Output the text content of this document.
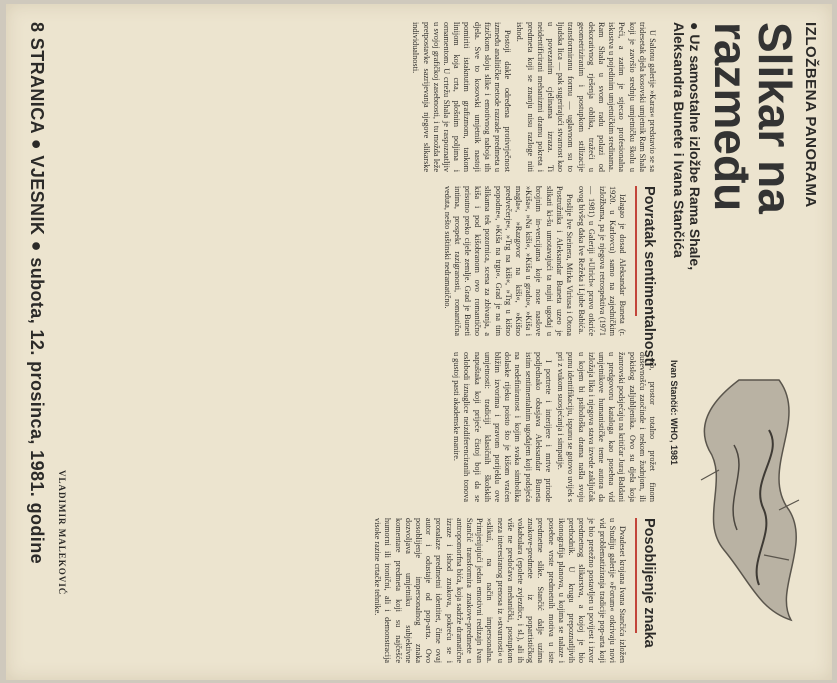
IZLOŽBENA PANORAMA
Slikar na razmeđu
● Uz samostalne izložbe Rama Shale, Aleksandra Bunete i Ivana Stančića
Ivan Stančić: WHO, 1981

U Salonu galerije »Karas« predstavio se sa tridesetak djela kosovski umjetnik Ram Shala koji je završio srednju umjetničku školu u Peći, a zatim je stjecao profesionalna iskustva u pojedinim umjetničkim sredinama. Ram Shala u svom radu polazi od dekorativnog rješenja oblika, tražeći u geometriziranim i postupkom stilizacije transformiranu formu — uglavnom su to ljudska lica — pak sugerirajući stvarnost kao u povezanim cjelinama izraza. Ti neidentificirani mehanizmi dramu pokreta i predmeta koji se znanju nisu razloge niti ishod.

Postoji dakle određena protivrječnost između analitičke metode razrade predmeta u fizičkom sloju slike i emotivnog naboja tih djela. Sve to kosovski umjetnik nastoji pomiriti istaknutim grafizmom, tankom linijom koja crta, plošnim poljima i ornamentom. U crtežu Shala je raspoznatljiv u svojoj grafičkoj zasebnosti, i tu možda leže pretpostavke sazrijevanja njegove slikarske individualnosti.

Povratak sentimentalnosti

Izlagao je dosad Aleksandar Buneta (r. 1920. u Karlovcu) samo na zajedničkim izložbama, pa je njegova retrospektiva (1971 — 1981) u Galeriji »Ulrich« pravo otkriće ovog bivšeg đaka Ive Režeka i Ljube Babića.

Poslije Ive Steinera, Mirka Viriusa i Otona Postružnika i Aleksandar Buneta uzeo je slikati ki-šu umotavajući ta nujni ugođaj u brojnim in-vencijama koje nose naslove »Kiša«, »Na kiši«, »Kiša u gradu«, »Kiša i magla«, »Razgovor na kiši«, »Kišno predvečerje«, »Trg na kiši«, »Trg u kišno popodne«, »Kiša na trgu«. Grad je na tim slikama tek pozornica, scena za zbivanja, a kiša i pod kišobranom ovo romantično prisutno preko cijele zemlje. Grad je Buneti intima, prospekt razigranosti, romantična veduta, nešto suštinski nedramatično.

no, prostor totalno prožet finom duševnošću zaočinde i nekom žudnjom, ili pokislog zaljubljenika. Ovo su djela koja žanrovski podsjećaju na kritičar Juraj Baldani u predgovoru kataloga kao posebna vid umjetnikove humanističke teme autora da izložaja lika i njegova stava izvede zaključak u kojem bi psihološka drama našla svoju punu identifikaciju, ispunu se gotovo uvijek s pri z vukom suosjećanja i simpatije.

I portrete i interijere i mrtve prirode podjednako obasjava Aleksandar Buneta istim sentimentalnim ugođajem koji podsjeća na nedefiniranost i kojim svaka simbolika dolaske rijeku poisto što je kišom vraćen bližim izvorima i pravom porijeklu ove umjetnosti: tradiciji klasičnih školskih napuštaka koji prijeće čistoj boji da se oslobodi iznaglice neizdiferenciranih tonova u gustoj pasti akademske manire.

Posoblijenje znaka

Dvadeset krojana Ivana Stančića izložen u Studiju galerije »Forum« otkrivaju novi vid problematiziranja tradicije pop-arta koji je bio pretežno postavljen u povijest i izvor predmetnog slikarstva, a kojoj je bio prethodnik. U krugu prepoznatljivih ikonografija planova, u kojima se nalaze i posebne vrste predmetnih motiva u iste predmetne slike. Stančić dalje uzima znakove-predmete iz popartističkog vokabulara (epolete zvjezdice, i sl.), ali ih više ne predočava mehanički, postupkom neza interesiranog prenosa iz »stvarnosti« u »slikuí, na način impersonalna. Primjenjujući jedan emotivni redizajn Ivan Stančić transformira znakove-predmete u antropomorfna bića, koja sadrže dramatične izraze i ishod znakova, pokreću se i pronalaze predmetni identitet, čime ovaj autor i odustaje od pop-arta. Ovo posoblijenje impersonalnog znaka dozvoljava umjetniku subjektivne komentare predmeta koji su najčešće humorni ili ironični, ali i demonstracija visoke razine crtačke tehnike.

VLADIMIR MALEKOVIĆ
8 STRANICA ● VJESNIK ● subota, 12. prosinca, 1981. godine
